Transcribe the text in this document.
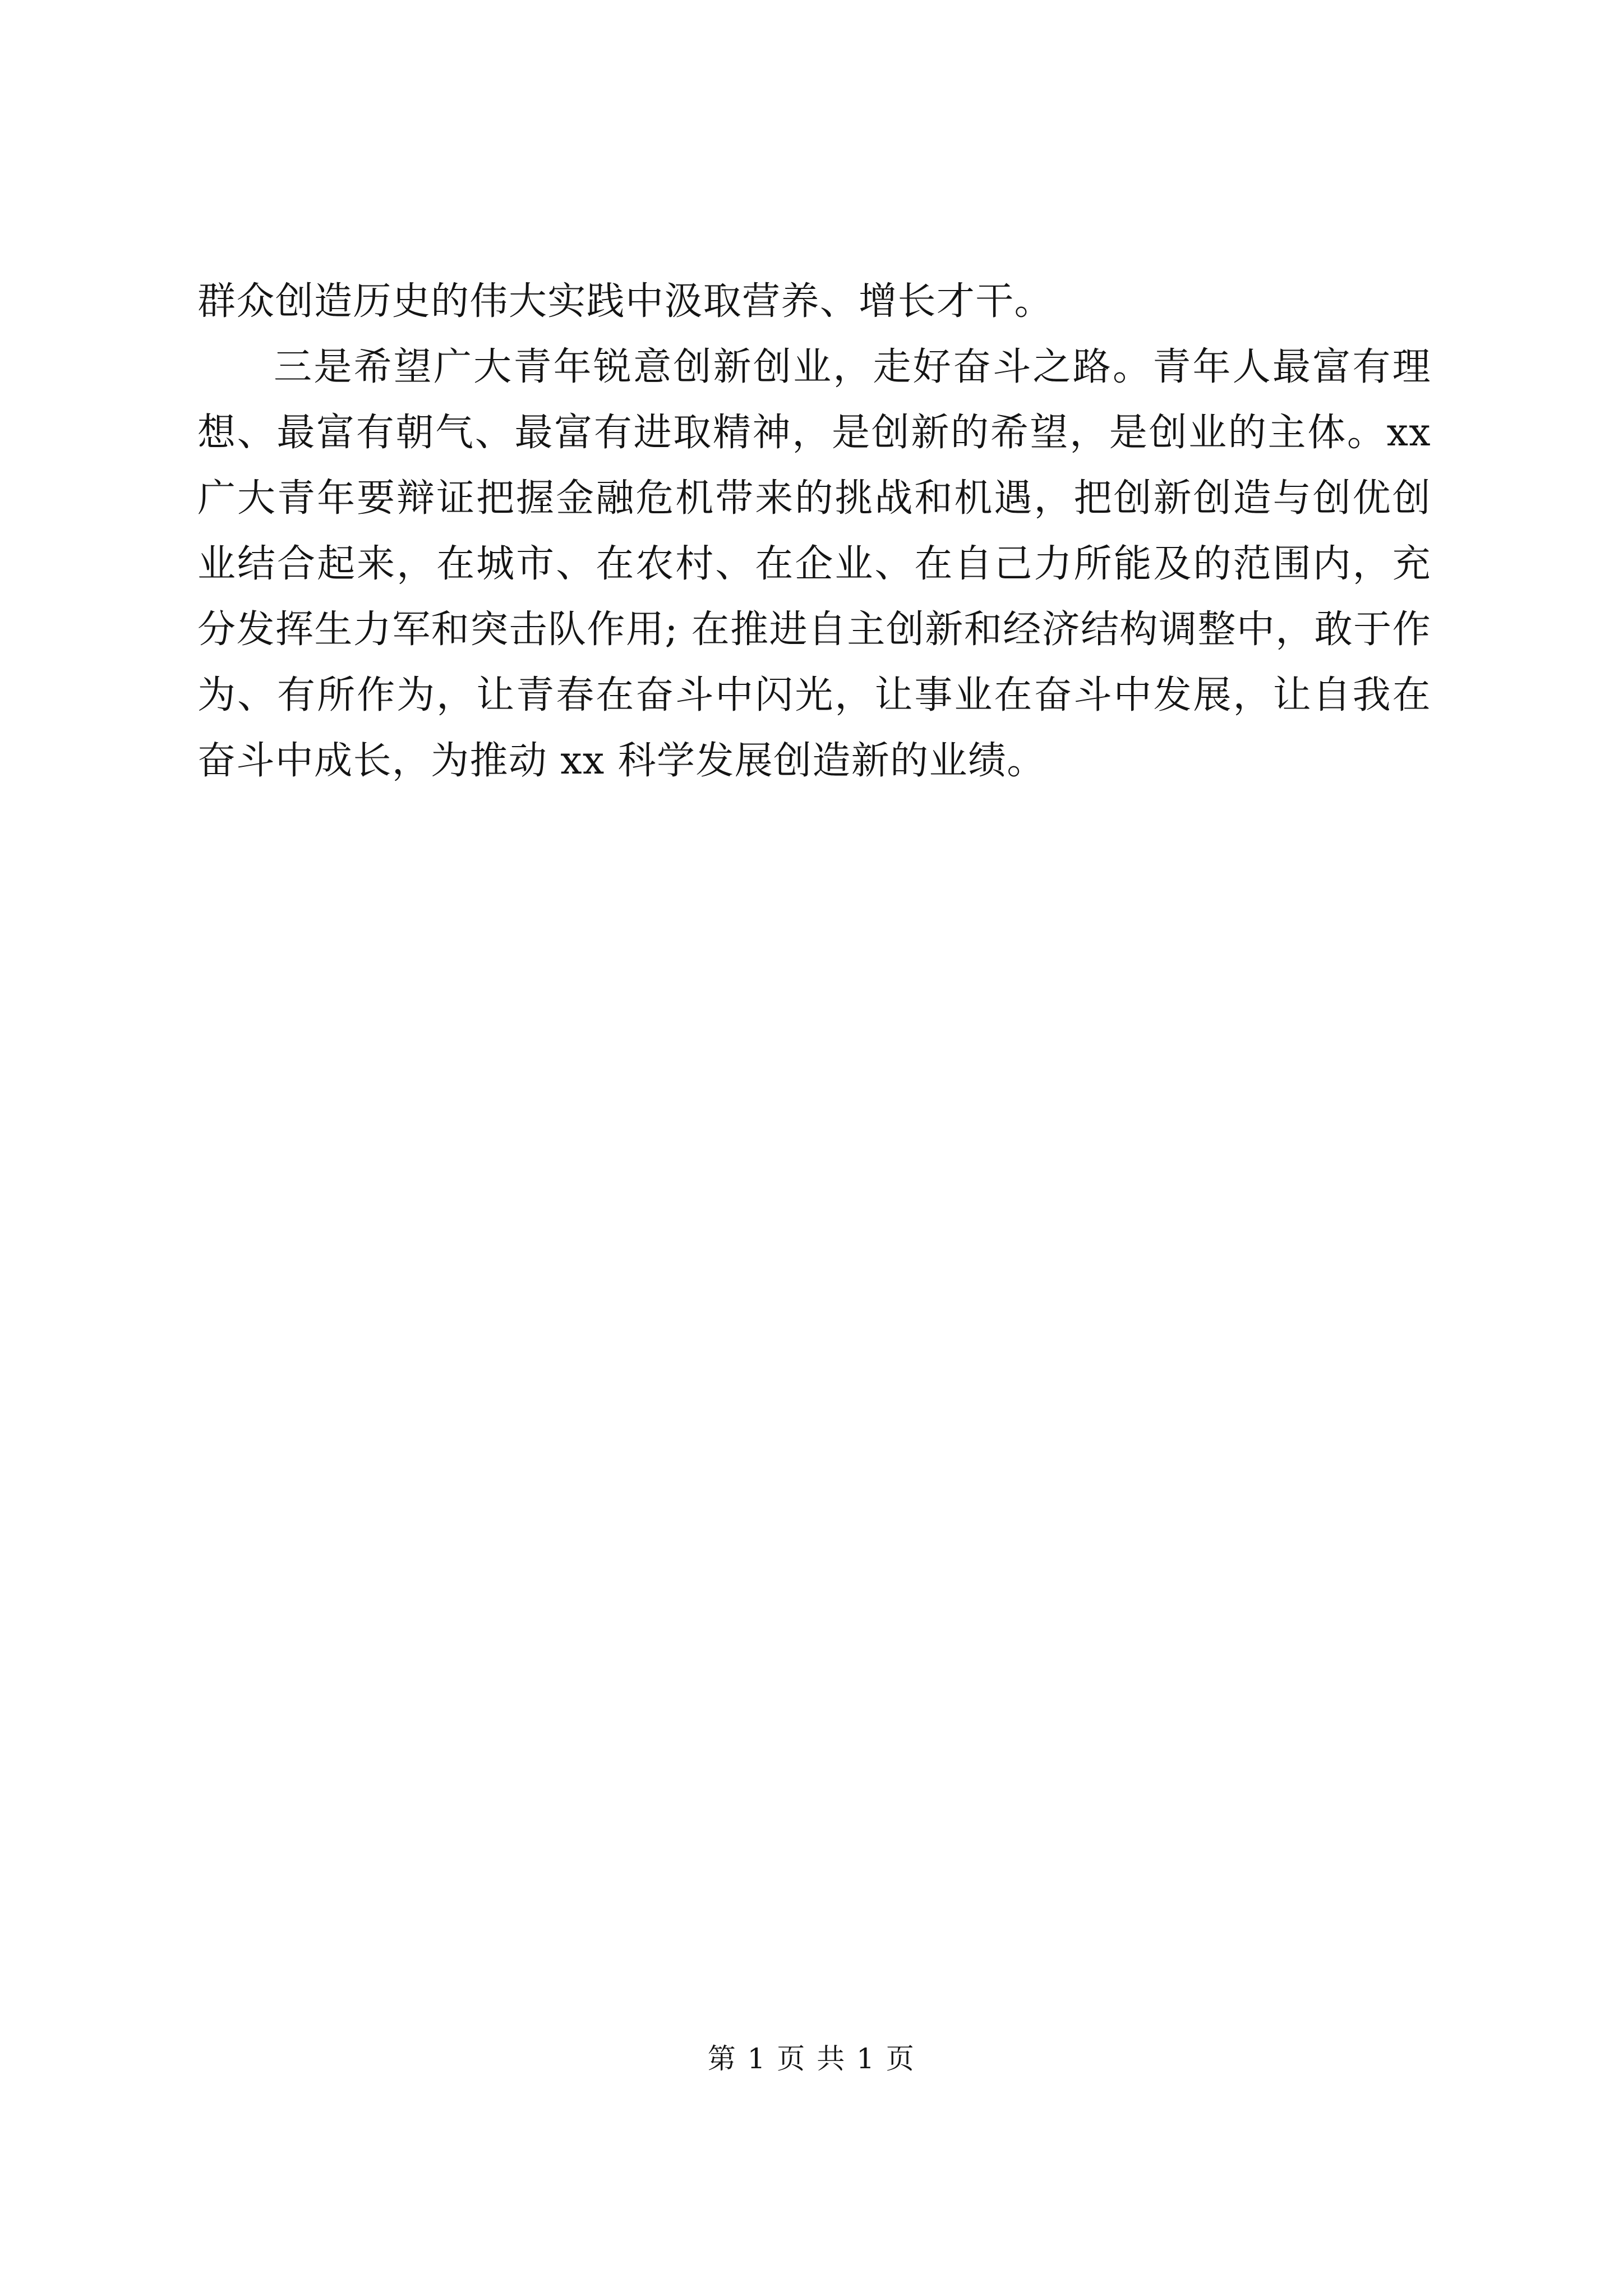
群众创造历史的伟大实践中汲取营养、增长才干。

三是希望广大青年锐意创新创业，走好奋斗之路。青年人最富有理想、最富有朝气、最富有进取精神，是创新的希望，是创业的主体。xx 广大青年要辩证把握金融危机带来的挑战和机遇，把创新创造与创优创业结合起来，在城市、在农村、在企业、在自己力所能及的范围内，充分发挥生力军和突击队作用; 在推进自主创新和经济结构调整中，敢于作为、有所作为，让青春在奋斗中闪光，让事业在奋斗中发展，让自我在奋斗中成长，为推动 xx 科学发展创造新的业绩。

第 1 页 共 1 页
